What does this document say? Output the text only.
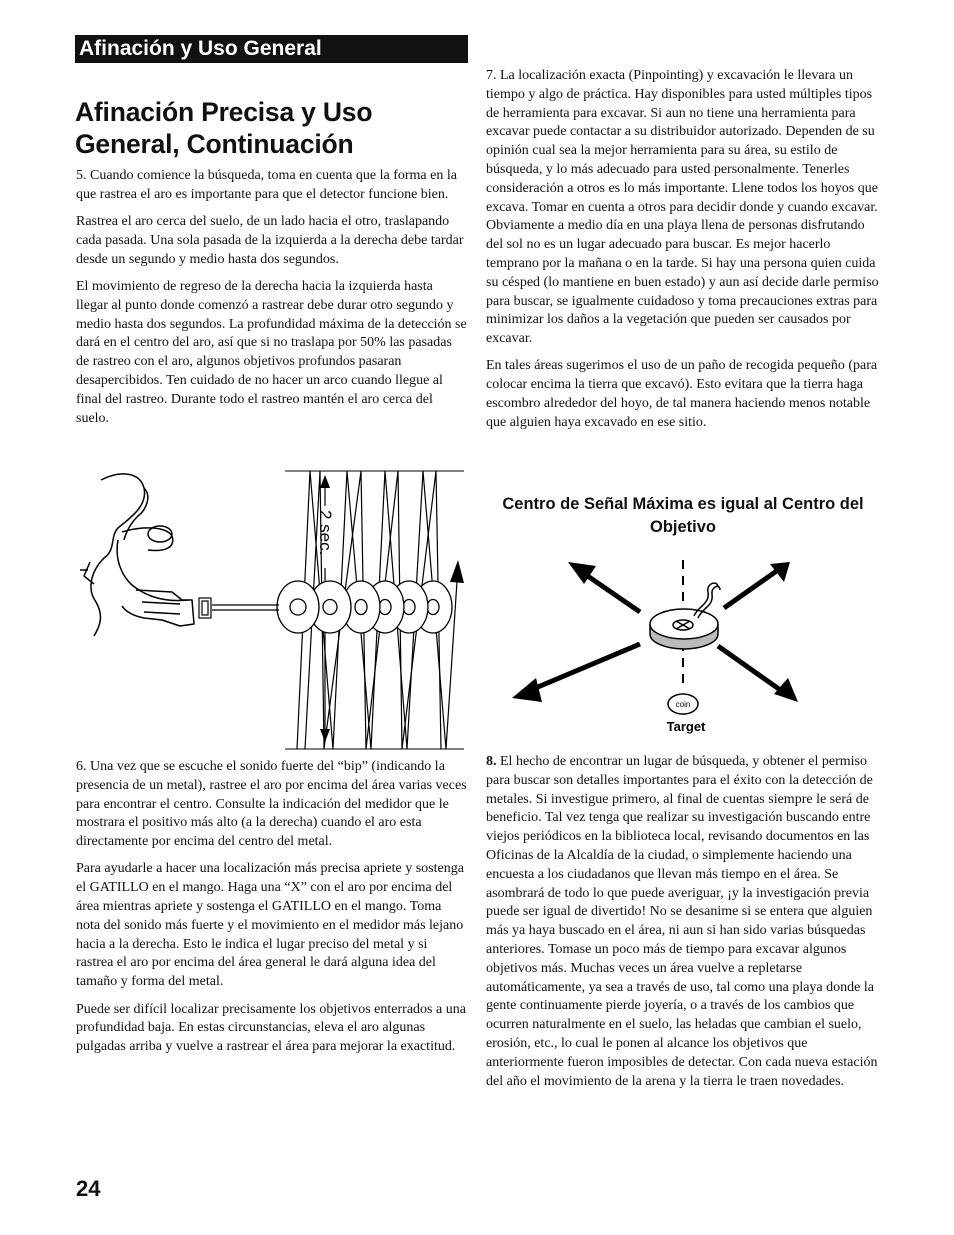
Afinación y Uso General
Afinación Precisa y Uso General, Continuación

5. Cuando comience la búsqueda, toma en cuenta que la forma en la que rastrea el aro es importante para que el detector funcione bien.

Rastrea el aro cerca del suelo, de un lado hacia el otro, traslapando cada pasada. Una sola pasada de la izquierda a la derecha debe tardar desde un segundo y medio hasta dos segundos.

El movimiento de regreso de la derecha hacia la izquierda hasta llegar al punto donde comenzó a rastrear debe durar otro segundo y medio hasta dos segundos. La profundidad máxima de la detección se dará en el centro del aro, así que si no traslapa por 50% las pasadas de rastreo con el aro, algunos objetivos profundos pasaran desapercibidos. Ten cuidado de no hacer un arco cuando llegue al final del rastreo. Durante todo el rastreo mantén el aro cerca del suelo.

2 sec.

6. Una vez que se escuche el sonido fuerte del “bip” (indicando la presencia de un metal), rastree el aro por encima del área varias veces para encontrar el centro. Consulte la indicación del medidor que le mostrara el positivo más alto (a la derecha) cuando el aro esta directamente por encima del centro del metal.

Para ayudarle a hacer una localización más precisa apriete y sostenga el GATILLO en el mango. Haga una “X” con el aro por encima del área mientras apriete y sostenga el GATILLO en el mango. Toma nota del sonido más fuerte y el movimiento en el medidor más lejano hacia a la derecha. Esto le indica el lugar preciso del metal y si rastrea el aro por encima del área general le dará alguna idea del tamaño y forma del metal.

Puede ser difícil localizar precisamente los objetivos enterrados a una profundidad baja. En estas circunstancias, eleva el aro algunas pulgadas arriba y vuelve a rastrear el área para mejorar la exactitud.

7. La localización exacta (Pinpointing) y excavación le llevara un tiempo y algo de práctica. Hay disponibles para usted múltiples tipos de herramienta para excavar. Si aun no tiene una herramienta para excavar puede contactar a su distribuidor autorizado. Dependen de su opinión cual sea la mejor herramienta para su área, su estilo de búsqueda, y lo más adecuado para usted personalmente. Tenerles consideración a otros es lo más importante. Llene todos los hoyos que excava. Tomar en cuenta a otros para decidir donde y cuando excavar. Obviamente a medio día en una playa llena de personas disfrutando del sol no es un lugar adecuado para buscar. Es mejor hacerlo temprano por la mañana o en la tarde. Si hay una persona quien cuida su césped (lo mantiene en buen estado) y aun así decide darle permiso para buscar, se igualmente cuidadoso y toma precauciones extras para minimizar los daños a la vegetación que pueden ser causados por excavar.

En tales áreas sugerimos el uso de un paño de recogida pequeño (para colocar encima la tierra que excavó). Esto evitara que la tierra haga escombro alrededor del hoyo, de tal manera haciendo menos notable que alguien haya excavado en ese sitio.

Centro de Señal Máxima es igual al Centro del Objetivo
coin
Target

8. El hecho de encontrar un lugar de búsqueda, y obtener el permiso para buscar son detalles importantes para el éxito con la detección de metales. Si investigue primero, al final de cuentas siempre le será de beneficio. Tal vez tenga que realizar su investigación buscando entre viejos periódicos en la biblioteca local, revisando documentos en las Oficinas de la Alcaldía de la ciudad, o simplemente haciendo una encuesta a los ciudadanos que llevan más tiempo en el área. Se asombrará de todo lo que puede averiguar, ¡y la investigación previa puede ser igual de divertido! No se desanime si se entera que alguien más ya haya buscado en el área, ni aun si han sido varias búsquedas anteriores. Tomase un poco más de tiempo para excavar algunos objetivos más. Muchas veces un área vuelve a repletarse automáticamente, ya sea a través de uso, tal como una playa donde la gente continuamente pierde joyería, o a través de los cambios que ocurren naturalmente en el suelo, las heladas que cambian el suelo, erosión, etc., lo cual le ponen al alcance los objetivos que anteriormente fueron imposibles de detectar. Con cada nueva estación del año el movimiento de la arena y la tierra le traen novedades.

24
